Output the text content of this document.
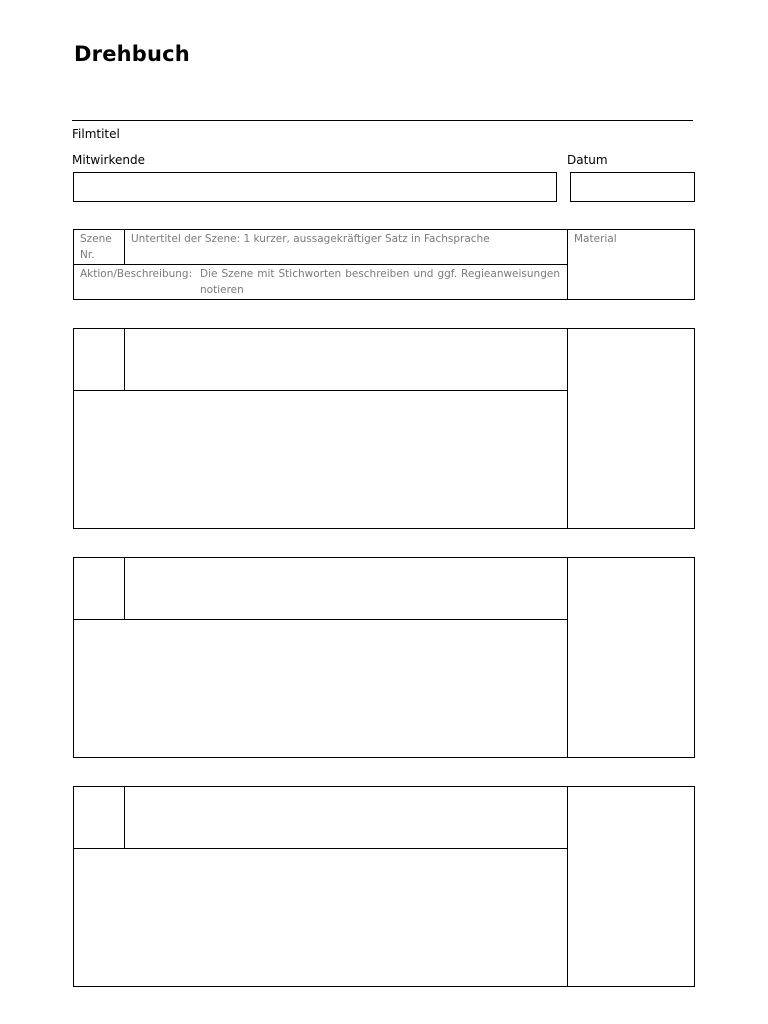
Drehbuch
Filmtitel
Mitwirkende	Datum
Szene Nr.
Untertitel der Szene: 1 kurzer, aussagekräftiger Satz in Fachsprache	Material
Aktion/Beschreibung: Die Szene mit Stichworten beschreiben und ggf. Regieanweisungen notieren
